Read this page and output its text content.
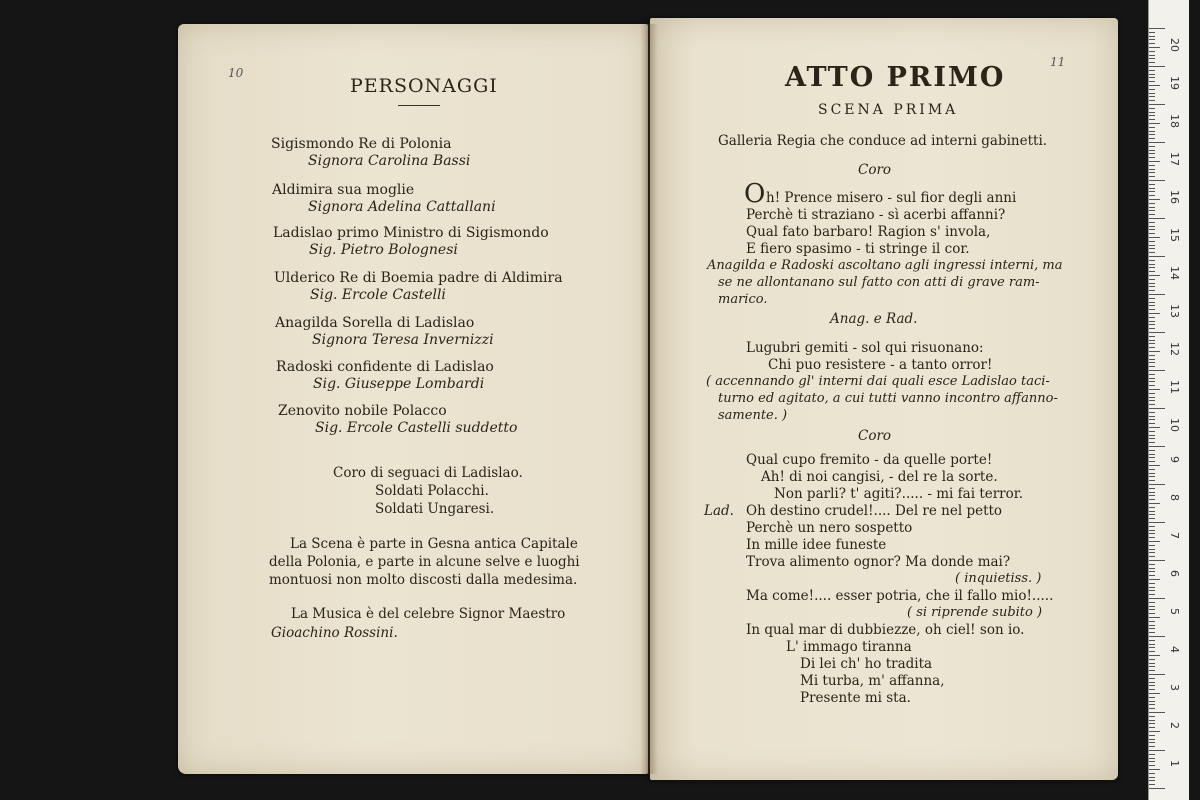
10
PERSONAGGI
Sigismondo Re di Polonia
Signora Carolina Bassi
Aldimira sua moglie
Signora Adelina Cattallani
Ladislao primo Ministro di Sigismondo
Sig. Pietro Bolognesi
Ulderico Re di Boemia padre di Aldimira
Sig. Ercole Castelli
Anagilda Sorella di Ladislao
Signora Teresa Invernizzi
Radoski confidente di Ladislao
Sig. Giuseppe Lombardi
Zenovito nobile Polacco
Sig. Ercole Castelli suddetto
Coro di seguaci di Ladislao.
Soldati Polacchi.
Soldati Ungaresi.
La Scena è parte in Gesna antica Capitale
della Polonia, e parte in alcune selve e luoghi
montuosi non molto discosti dalla medesima.
La Musica è del celebre Signor Maestro
Gioachino Rossini.
11
ATTO PRIMO
SCENA PRIMA
Galleria Regia che conduce ad interni gabinetti.
Coro
O h! Prence misero - sul fior degli anni
Perchè ti straziano - sì acerbi affanni?
Qual fato barbaro! Ragion s' invola,
E fiero spasimo - ti stringe il cor.
Anagilda e Radoski ascoltano agli ingressi interni, ma
se ne allontanano sul fatto con atti di grave ram-
marico.
Anag. e Rad.
Lugubri gemiti - sol qui risuonano:
Chi puo resistere - a tanto orror!
( accennando gl' interni dai quali esce Ladislao taci-
turno ed agitato, a cui tutti vanno incontro affanno-
samente. )
Coro
Qual cupo fremito - da quelle porte!
Ah! di noi cangisi, - del re la sorte.
Non parli? t' agiti?..... - mi fai terror.
Lad. Oh destino crudel!.... Del re nel petto
Perchè un nero sospetto
In mille idee funeste
Trova alimento ognor? Ma donde mai?
( inquietiss. )
Ma come!.... esser potria, che il fallo mio!.....
( si riprende subito )
In qual mar di dubbiezze, oh ciel! son io.
L' immago tiranna
Di lei ch' ho tradita
Mi turba, m' affanna,
Presente mi sta.
20
19
18
17
16
15
14
13
12
11
10
9
8
7
6
5
4
3
2
1
